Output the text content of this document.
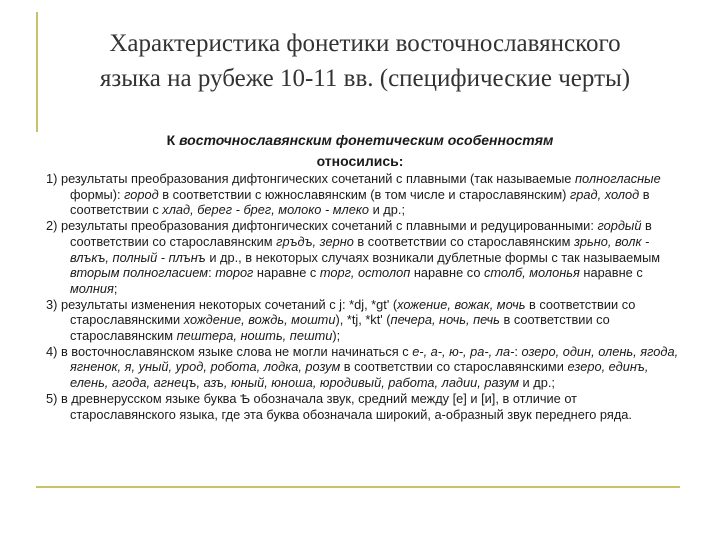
Характеристика фонетики восточнославянского
языка на рубеже 10-11 вв. (специфические черты)
К восточнославянским фонетическим особенностям
относились:

1) результаты преобразования дифтонгических сочетаний с плавными (так называемые полногласные формы): город в соответствии с южнославянским (в том числе и старославянским) град, холод в соответствии с хлад, берег - брег, молоко - млеко и др.;

2) результаты преобразования дифтонгических сочетаний с плавными и редуцированными: гордый в соответствии со старославянским гръдъ, зерно в соответствии со старославянским зрьно, волк - влъкъ, полный - плънъ и др., в некоторых случаях возникали дублетные формы с так называемым вторым полногласием: торог наравне с торг, остолоп наравне со столб, молонья наравне с молния;

3) результаты изменения некоторых сочетаний с j: *dj, *gt' (хожение, вожак, мочь в соответствии со старославянскими хождение, вождь, мошти), *tj, *kt' (печера, ночь, печь в соответствии со старославянским пештера, ношть, пешти);

4) в восточнославянском языке слова не могли начинаться с е-, а-, ю-, ра-, ла-: озеро, один, олень, ягода, ягненок, я, уный, урод, робота, лодка, розум в соответствии со старославянскими езеро, единъ, елень, агода, агнецъ, азъ, юный, юноша, юродивый, работа, ладии, разум и др.;

5) в древнерусском языке буква Ѣ обозначала звук, средний между [е] и [и], в отличие от старославянского языка, где эта буква обозначала широкий, а-образный звук переднего ряда.
